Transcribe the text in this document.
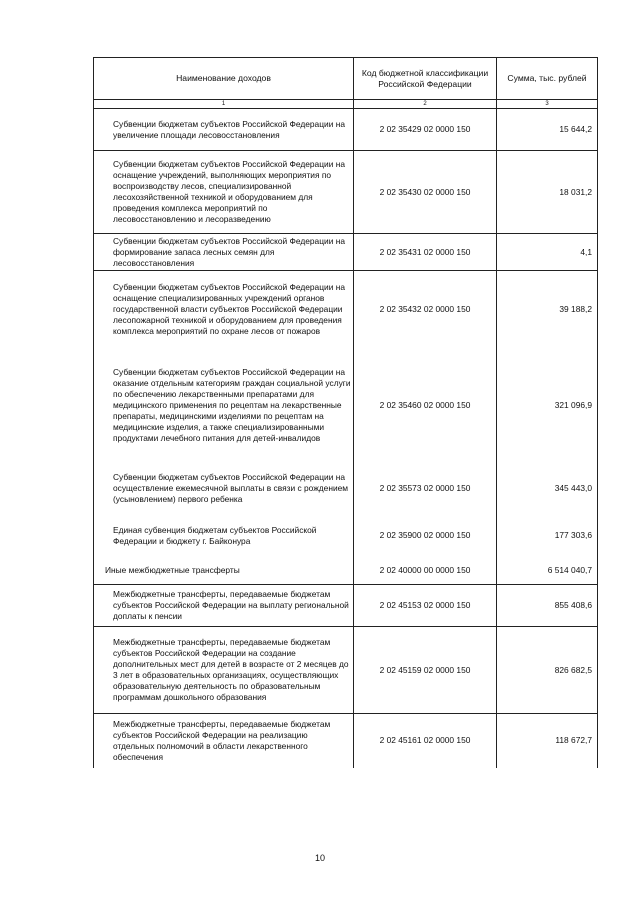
Наименование доходов	Код бюджетной классификации Российской Федерации	Сумма, тыс. рублей
1	2	3
Субвенции бюджетам субъектов Российской Федерации на увеличение площади лесовосстановления	2 02 35429 02 0000 150	15 644,2
Субвенции бюджетам субъектов Российской Федерации на оснащение учреждений, выполняющих мероприятия по воспроизводству лесов, специализированной лесохозяйственной техникой и оборудованием для проведения комплекса мероприятий по лесовосстановлению и лесоразведению	2 02 35430 02 0000 150	18 031,2
Субвенции бюджетам субъектов Российской Федерации на формирование запаса лесных семян для лесовосстановления	2 02 35431 02 0000 150	4,1
Субвенции бюджетам субъектов Российской Федерации на оснащение специализированных учреждений органов государственной власти субъектов Российской Федерации лесопожарной техникой и оборудованием для проведения комплекса мероприятий по охране лесов от пожаров	2 02 35432 02 0000 150	39 188,2
Субвенции бюджетам субъектов Российской Федерации на оказание отдельным категориям граждан социальной услуги по обеспечению лекарственными препаратами для медицинского применения по рецептам на лекарственные препараты, медицинскими изделиями по рецептам на медицинские изделия, а также специализированными продуктами лечебного питания для детей-инвалидов	2 02 35460 02 0000 150	321 096,9
Субвенции бюджетам субъектов Российской Федерации на осуществление ежемесячной выплаты в связи с рождением (усыновлением) первого ребенка	2 02 35573 02 0000 150	345 443,0
Единая субвенция бюджетам субъектов Российской Федерации и бюджету г. Байконура	2 02 35900 02 0000 150	177 303,6
Иные межбюджетные трансферты	2 02 40000 00 0000 150	6 514 040,7
Межбюджетные трансферты, передаваемые бюджетам субъектов Российской Федерации на выплату региональной доплаты к пенсии	2 02 45153 02 0000 150	855 408,6
Межбюджетные трансферты, передаваемые бюджетам субъектов Российской Федерации на создание дополнительных мест для детей в возрасте от 2 месяцев до 3 лет в образовательных организациях, осуществляющих образовательную деятельность по образовательным программам дошкольного образования	2 02 45159 02 0000 150	826 682,5
Межбюджетные трансферты, передаваемые бюджетам субъектов Российской Федерации на реализацию отдельных полномочий в области лекарственного обеспечения	2 02 45161 02 0000 150	118 672,7
10
